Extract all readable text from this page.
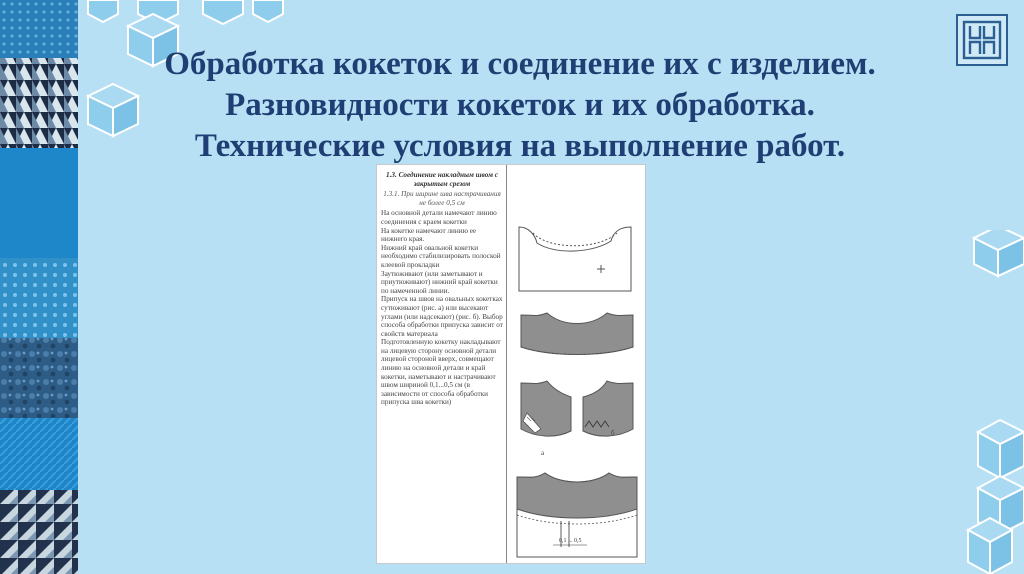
Обработка кокеток и соединение их с изделием.
Разновидности кокеток и их обработка.
Технические условия на выполнение работ.
1.3. Соединение накладным швом с закрытым срезом
1.3.1. При ширине шва настрачивания не более 0,5 см

На основной детали намечают линию соединения с краем кокетки

На кокетке намечают линию ее нижнего края.

Нижний край овальной кокетки необходимо стабилизировать полоской клеевой прокладки

Заутюживают (или заметывают и приутюживают) нижний край кокетки по намеченной линии.

Припуск на швов на овальных кокетках сутюживают (рис. а) или высекают углами (или надсекают) (рис. б). Выбор способа обработки припуска зависит от свойств материала

Подготовленную кокетку накладывают на лицевую сторону основной детали лицевой стороной вверх, совмещают линию на основной детали и край кокетки, наметывают и настрачивают швом шириной 0,1...0,5 см (в зависимости от способа обработки припуска шва кокетки)

а
б
0,1 ... 0,5
